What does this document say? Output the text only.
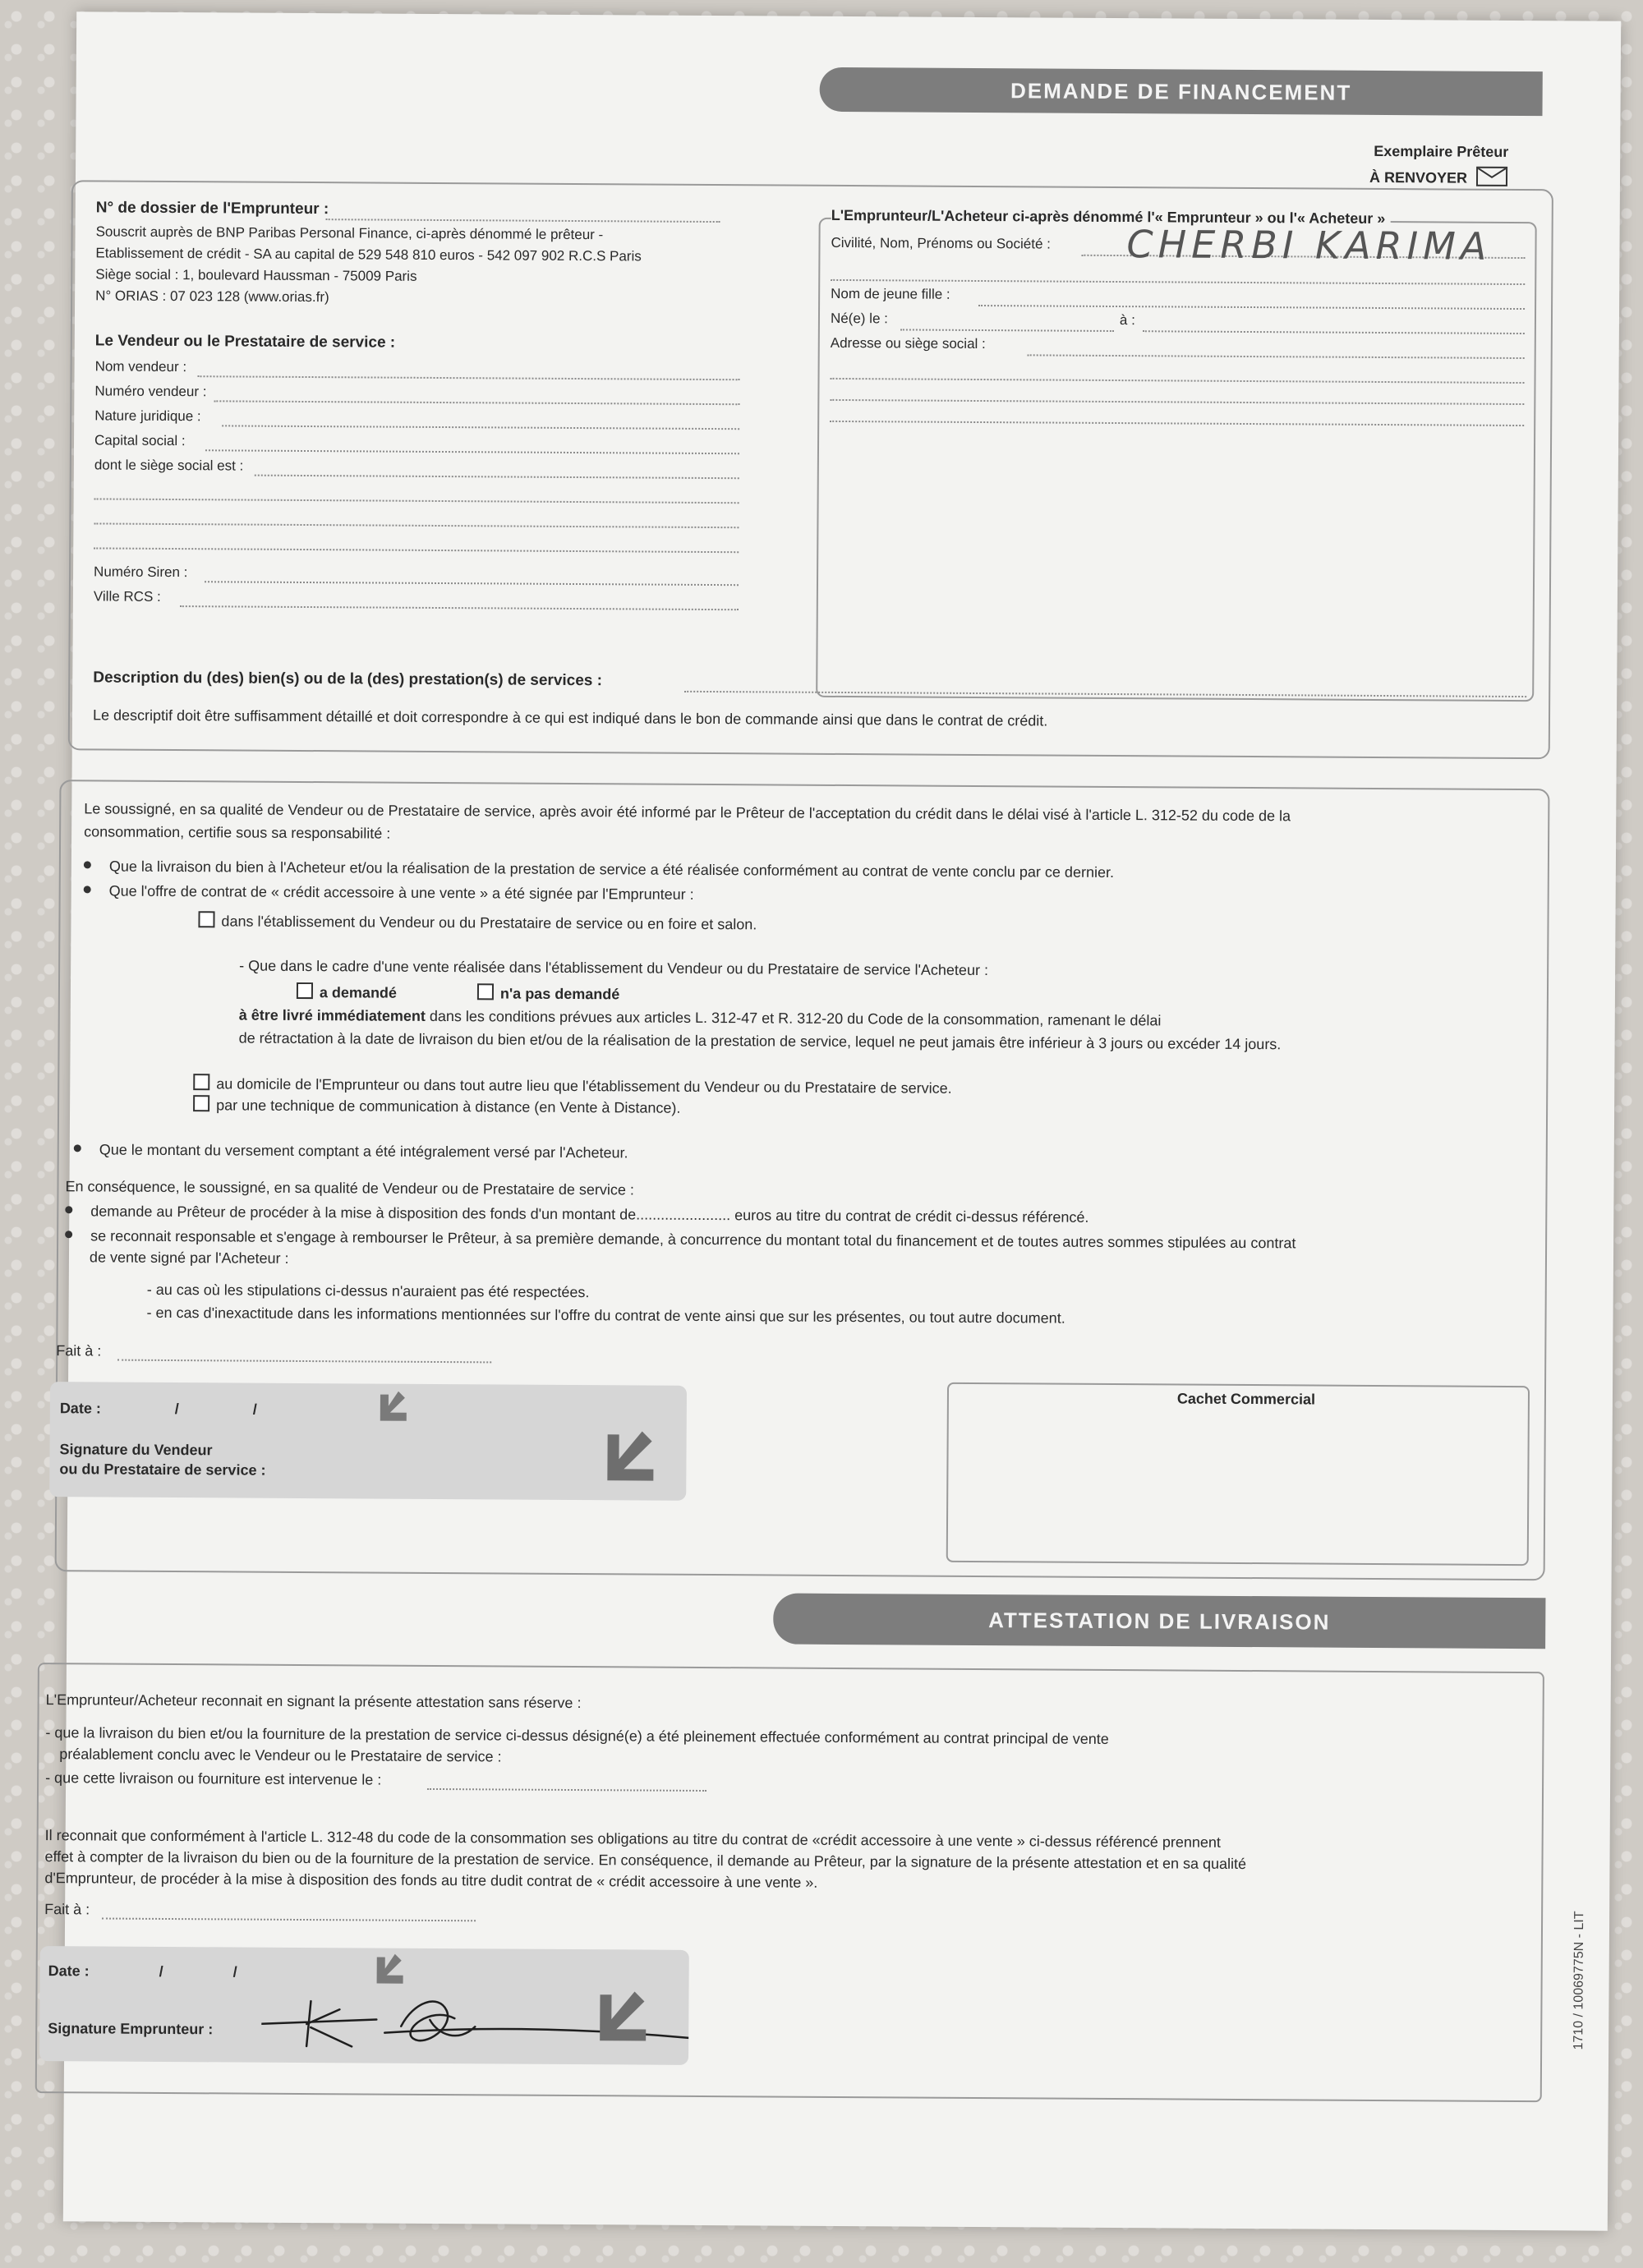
DEMANDE DE FINANCEMENT
Exemplaire Prêteur
À RENVOYER
N° de dossier de l'Emprunteur :
Souscrit auprès de BNP Paribas Personal Finance, ci-après dénommé le prêteur -
Etablissement de crédit - SA au capital de 529 548 810 euros - 542 097 902 R.C.S Paris
Siège social : 1, boulevard Haussman - 75009 Paris
N° ORIAS : 07 023 128 (www.orias.fr)
Le Vendeur ou le Prestataire de service :
Nom vendeur :
Numéro vendeur :
Nature juridique :
Capital social :
dont le siège social est :
Numéro Siren :
Ville RCS :
L'Emprunteur/L'Acheteur ci-après dénommé l'« Emprunteur » ou l'« Acheteur »
Civilité, Nom, Prénoms ou Société : CHERBI KARIMA
Nom de jeune fille :
Né(e) le :	à :
Adresse ou siège social :
Description du (des) bien(s) ou de la (des) prestation(s) de services :
Le descriptif doit être suffisamment détaillé et doit correspondre à ce qui est indiqué dans le bon de commande ainsi que dans le contrat de crédit.
Le soussigné, en sa qualité de Vendeur ou de Prestataire de service, après avoir été informé par le Prêteur de l'acceptation du crédit dans le délai visé à l'article L. 312-52 du code de la
consommation, certifie sous sa responsabilité :
Que la livraison du bien à l'Acheteur et/ou la réalisation de la prestation de service a été réalisée conformément au contrat de vente conclu par ce dernier.
Que l'offre de contrat de « crédit accessoire à une vente » a été signée par l'Emprunteur :
dans l'établissement du Vendeur ou du Prestataire de service ou en foire et salon.
- Que dans le cadre d'une vente réalisée dans l'établissement du Vendeur ou du Prestataire de service l'Acheteur :
a demandé	n'a pas demandé
à être livré immédiatement dans les conditions prévues aux articles L. 312-47 et R. 312-20 du Code de la consommation, ramenant le délai
de rétractation à la date de livraison du bien et/ou de la réalisation de la prestation de service, lequel ne peut jamais être inférieur à 3 jours ou excéder 14 jours.
au domicile de l'Emprunteur ou dans tout autre lieu que l'établissement du Vendeur ou du Prestataire de service.
par une technique de communication à distance (en Vente à Distance).
Que le montant du versement comptant a été intégralement versé par l'Acheteur.
En conséquence, le soussigné, en sa qualité de Vendeur ou de Prestataire de service :
demande au Prêteur de procéder à la mise à disposition des fonds d'un montant de....................... euros au titre du contrat de crédit ci-dessus référencé.
se reconnait responsable et s'engage à rembourser le Prêteur, à sa première demande, à concurrence du montant total du financement et de toutes autres sommes stipulées au contrat
de vente signé par l'Acheteur :
- au cas où les stipulations ci-dessus n'auraient pas été respectées.
- en cas d'inexactitude dans les informations mentionnées sur l'offre du contrat de vente ainsi que sur les présentes, ou tout autre document.
Fait à :
Date :	/	/
Signature du Vendeur
ou du Prestataire de service :
Cachet Commercial
ATTESTATION DE LIVRAISON
L'Emprunteur/Acheteur reconnait en signant la présente attestation sans réserve :
- que la livraison du bien et/ou la fourniture de la prestation de service ci-dessus désigné(e) a été pleinement effectuée conformément au contrat principal de vente
préalablement conclu avec le Vendeur ou le Prestataire de service :
- que cette livraison ou fourniture est intervenue le :
Il reconnait que conformément à l'article L. 312-48 du code de la consommation ses obligations au titre du contrat de «crédit accessoire à une vente » ci-dessus référencé prennent
effet à compter de la livraison du bien ou de la fourniture de la prestation de service. En conséquence, il demande au Prêteur, par la signature de la présente attestation et en sa qualité
d'Emprunteur, de procéder à la mise à disposition des fonds au titre dudit contrat de « crédit accessoire à une vente ».
Fait à :
Date :	/	/
Signature Emprunteur :	1710 / 10069775N - LIT
